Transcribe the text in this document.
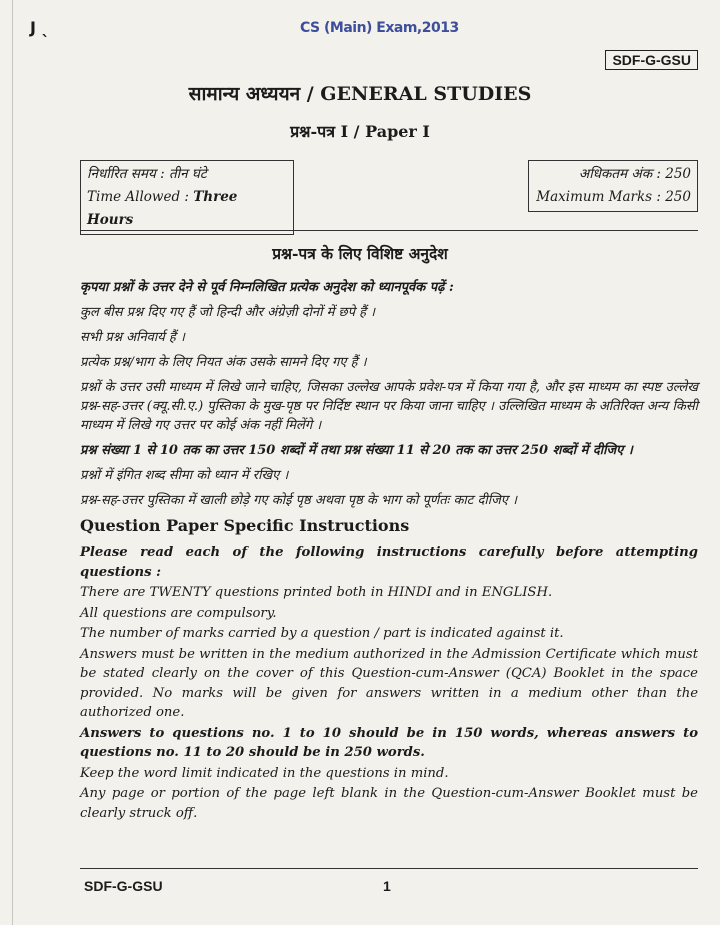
J ˎ	CS (Main) Exam,2013
SDF-G-GSU
सामान्य अध्ययन / GENERAL STUDIES
प्रश्न-पत्र I / Paper I
निर्धारित समय : तीन घंटे
Time Allowed : Three Hours
अधिकतम अंक : 250
Maximum Marks : 250
प्रश्न-पत्र के लिए विशिष्ट अनुदेश

कृपया प्रश्नों के उत्तर देने से पूर्व निम्नलिखित प्रत्येक अनुदेश को ध्यानपूर्वक पढ़ें :

कुल बीस प्रश्न दिए गए हैं जो हिन्दी और अंग्रेज़ी दोनों में छपे हैं ।

सभी प्रश्न अनिवार्य हैं ।

प्रत्येक प्रश्न/भाग के लिए नियत अंक उसके सामने दिए गए हैं ।

प्रश्नों के उत्तर उसी माध्यम में लिखे जाने चाहिए, जिसका उल्लेख आपके प्रवेश-पत्र में किया गया है, और इस माध्यम का स्पष्ट उल्लेख प्रश्न-सह-उत्तर (क्यू.सी.ए.) पुस्तिका के मुख-पृष्ठ पर निर्दिष्ट स्थान पर किया जाना चाहिए । उल्लिखित माध्यम के अतिरिक्त अन्य किसी माध्यम में लिखे गए उत्तर पर कोई अंक नहीं मिलेंगे ।

प्रश्न संख्या 1 से 10 तक का उत्तर 150 शब्दों में तथा प्रश्न संख्या 11 से 20 तक का उत्तर 250 शब्दों में दीजिए ।

प्रश्नों में इंगित शब्द सीमा को ध्यान में रखिए ।

प्रश्न-सह-उत्तर पुस्तिका में खाली छोड़े गए कोई पृष्ठ अथवा पृष्ठ के भाग को पूर्णतः काट दीजिए ।

Question Paper Specific Instructions

Please read each of the following instructions carefully before attempting questions :

There are TWENTY questions printed both in HINDI and in ENGLISH.

All questions are compulsory.

The number of marks carried by a question / part is indicated against it.

Answers must be written in the medium authorized in the Admission Certificate which must be stated clearly on the cover of this Question-cum-Answer (QCA) Booklet in the space provided. No marks will be given for answers written in a medium other than the authorized one.

Answers to questions no. 1 to 10 should be in 150 words, whereas answers to questions no. 11 to 20 should be in 250 words.

Keep the word limit indicated in the questions in mind.

Any page or portion of the page left blank in the Question-cum-Answer Booklet must be clearly struck off.

SDF-G-GSU	1
